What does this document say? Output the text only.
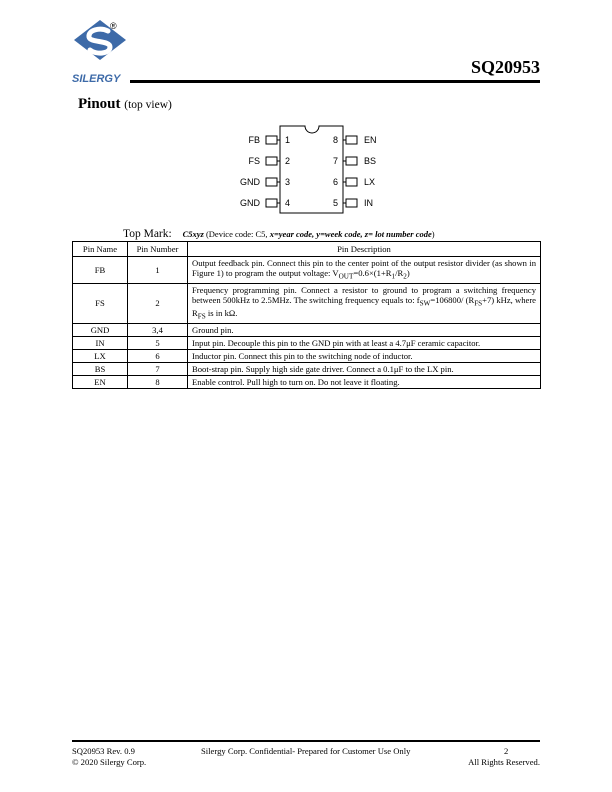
®
SILERGY
SQ20953
Pinout (top view)
FB	1
FS	2
GND	3
GND	4
EN
8
BS
7
LX
6
IN
5
Top Mark: C5xyz (Device code: C5, x=year code, y=week code, z= lot number code)
Pin Name	Pin Number	Pin Description
FB	1	Output feedback pin. Connect this pin to the center point of the output resistor divider (as shown in Figure 1) to program the output voltage: $V_{OUT}=0.6\times(1+R_1/R_2)$
FS	2	Frequency programming pin. Connect a resistor to ground to program a switching frequency between 500kHz to 2.5MHz. The switching frequency equals to: $f_{SW}=106800/$ $(R_{FS}+7)$ kHz, where $R_{FS}$ is in kΩ.
GND	3,4	Ground pin.
IN	5	Input pin. Decouple this pin to the GND pin with at least a 4.7μF ceramic capacitor.
LX	6	Inductor pin. Connect this pin to the switching node of inductor.
BS	7	Boot-strap pin. Supply high side gate driver. Connect a 0.1μF to the LX pin.
EN	8	Enable control. Pull high to turn on. Do not leave it floating.
SQ20953 Rev. 0.9
© 2020 Silergy Corp.
Silergy Corp. Confidential- Prepared for Customer Use Only	2
All Rights Reserved.
